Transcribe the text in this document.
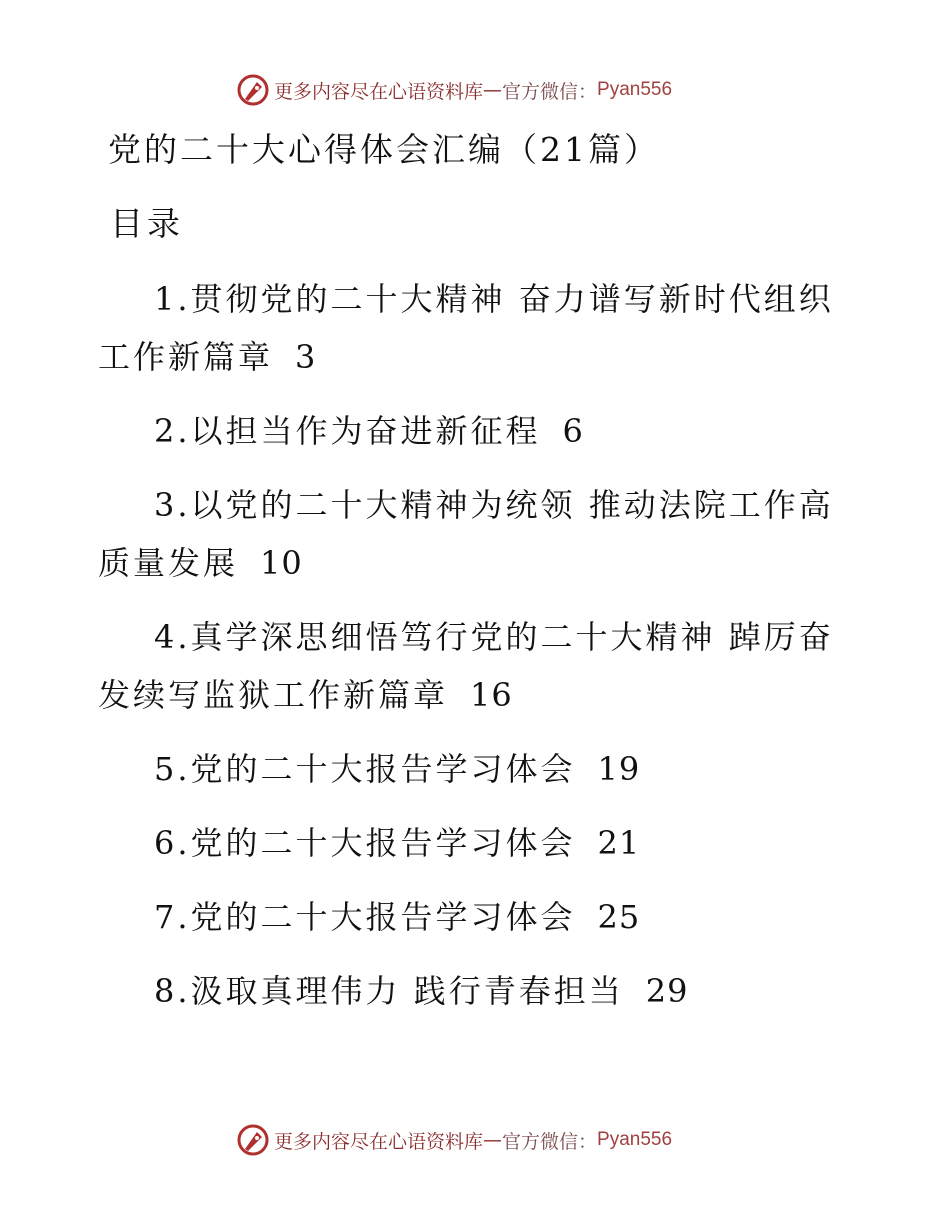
更多内容尽在心语资料库 — 官方微信： Pyan556
党的二十大心得体会汇编（21篇）
目录
1.贯彻党的二十大精神 奋力谱写新时代组织工作新篇章 3
2.以担当作为奋进新征程 6
3.以党的二十大精神为统领 推动法院工作高质量发展 10
4.真学深思细悟笃行党的二十大精神 踔厉奋发续写监狱工作新篇章 16
5.党的二十大报告学习体会 19
6.党的二十大报告学习体会 21
7.党的二十大报告学习体会 25
8.汲取真理伟力 践行青春担当 29
更多内容尽在心语资料库 — 官方微信： Pyan556
